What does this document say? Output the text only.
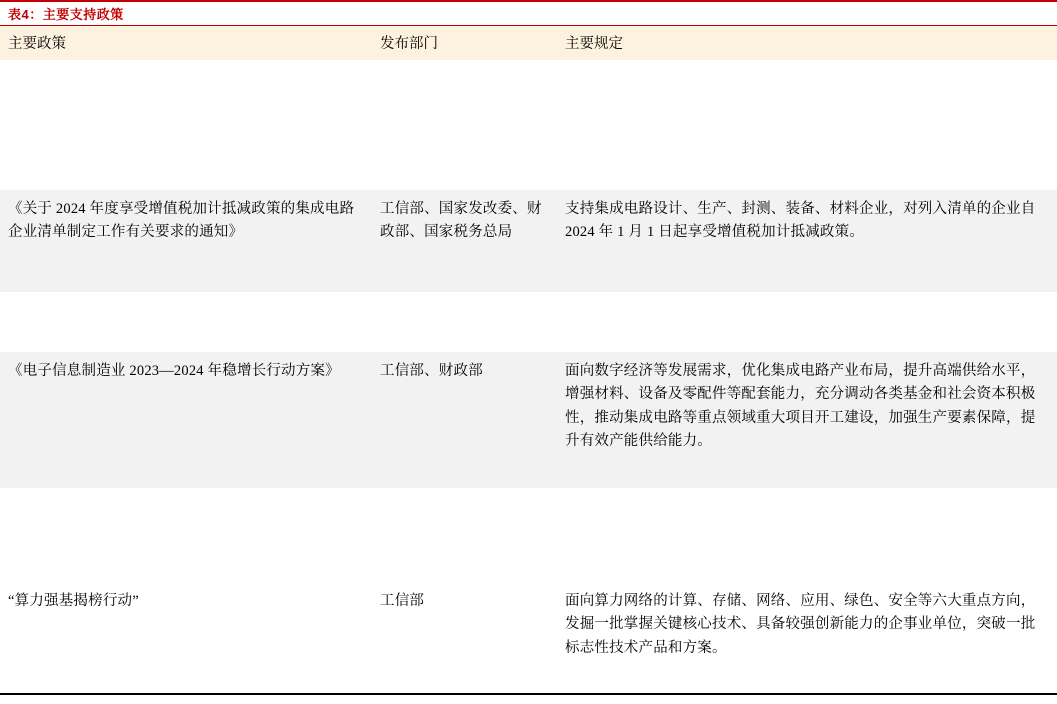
表4：主要支持政策
主要政策	发布部门	主要规定

《关于 2024 年度享受增值税加计抵减政策的集成电路企业清单制定工作有关要求的通知》	工信部、国家发改委、财政部、国家税务总局	支持集成电路设计、生产、封测、装备、材料企业，对列入清单的企业自 2024 年 1 月 1 日起享受增值税加计抵减政策。

《电子信息制造业 2023—2024 年稳增长行动方案》	工信部、财政部	面向数字经济等发展需求，优化集成电路产业布局，提升高端供给水平，增强材料、设备及零配件等配套能力，充分调动各类基金和社会资本积极性，推动集成电路等重点领域重大项目开工建设，加强生产要素保障，提升有效产能供给能力。

“算力强基揭榜行动”	工信部	面向算力网络的计算、存储、网络、应用、绿色、安全等六大重点方向，发掘一批掌握关键核心技术、具备较强创新能力的企事业单位，突破一批标志性技术产品和方案。
